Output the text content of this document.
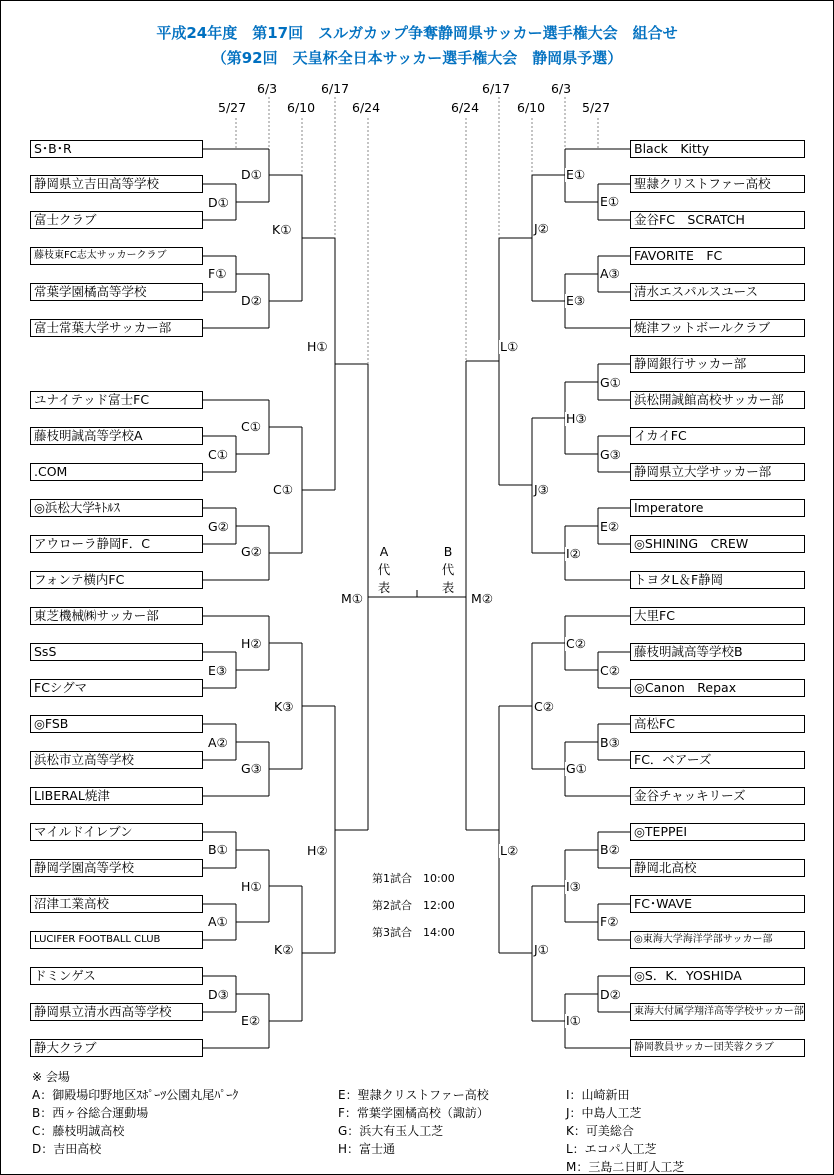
平成24年度　第17回　スルガカップ争奪静岡県サッカー選手権大会　組合せ
（第92回　天皇杯全日本サッカー選手権大会　静岡県予選）
S･B･R
静岡県立吉田高等学校
富士クラブ
藤枝東FC志太サッカークラブ
常葉学園橘高等学校
富士常葉大学サッカー部
ユナイテッド富士FC
藤枝明誠高等学校A
.COM
◎浜松大学ｷﾄﾙｽ
アウローラ静岡F．C
フォンテ横内FC
東芝機械㈱サッカー部
SsS
FCシグマ
◎FSB
浜松市立高等学校
LIBERAL焼津
マイルドイレブン
静岡学園高等学校
沼津工業高校
LUCIFER FOOTBALL CLUB
ドミンゲス
静岡県立清水西高等学校
静大クラブ
Black　Kitty
聖隷クリストファー高校
金谷FC　SCRATCH
FAVORITE　FC
清水エスパルスユース
焼津フットボールクラブ
静岡銀行サッカー部
浜松開誠館高校サッカー部
イカイFC
静岡県立大学サッカー部
Imperatore
◎SHINING　CREW
トヨタL＆F静岡
大里FC
藤枝明誠高等学校B
◎Canon　Repax
高松FC
FC．ベアーズ
金谷チャッキリーズ
◎TEPPEI
静岡北高校
FC･WAVE
◎東海大学海洋学部サッカー部
◎S．K．YOSHIDA
東海大付属学翔洋高等学校サッカー部
静岡教員サッカー団芙蓉クラブ
5/27
6/3
6/10
6/17
6/24	6/24
6/17
6/10
6/3
5/27
D①
D①
K①
F①
D②
H①
C①
C①
C①
G②
G②
H②
E③
K③
A②
G③
H②
B①
H①
A①
K②
D③
E②
M①
E①
E①
J②
A③
E③
L①
G①
H③
G③
J③
E②
I②
M②
C②
C②
C②
B③
G①
L②	B②
I③
F②
J①
D②
I①
A	B
代	代
表	表
第1試合　10:00
第2試合　12:00
第3試合　14:00
※ 会場
A：御殿場印野地区ｽﾎﾟｰﾂ公園丸尾ﾊﾟｰｸ
B：西ヶ谷総合運動場
C：藤枝明誠高校
D：吉田高校
E：聖隷クリストファー高校
F：常葉学園橘高校（諏訪）
G：浜大有玉人工芝
H：富士通
I：山崎新田
J：中島人工芝
K：可美総合
L：エコパ人工芝
M：三島二日町人工芝
